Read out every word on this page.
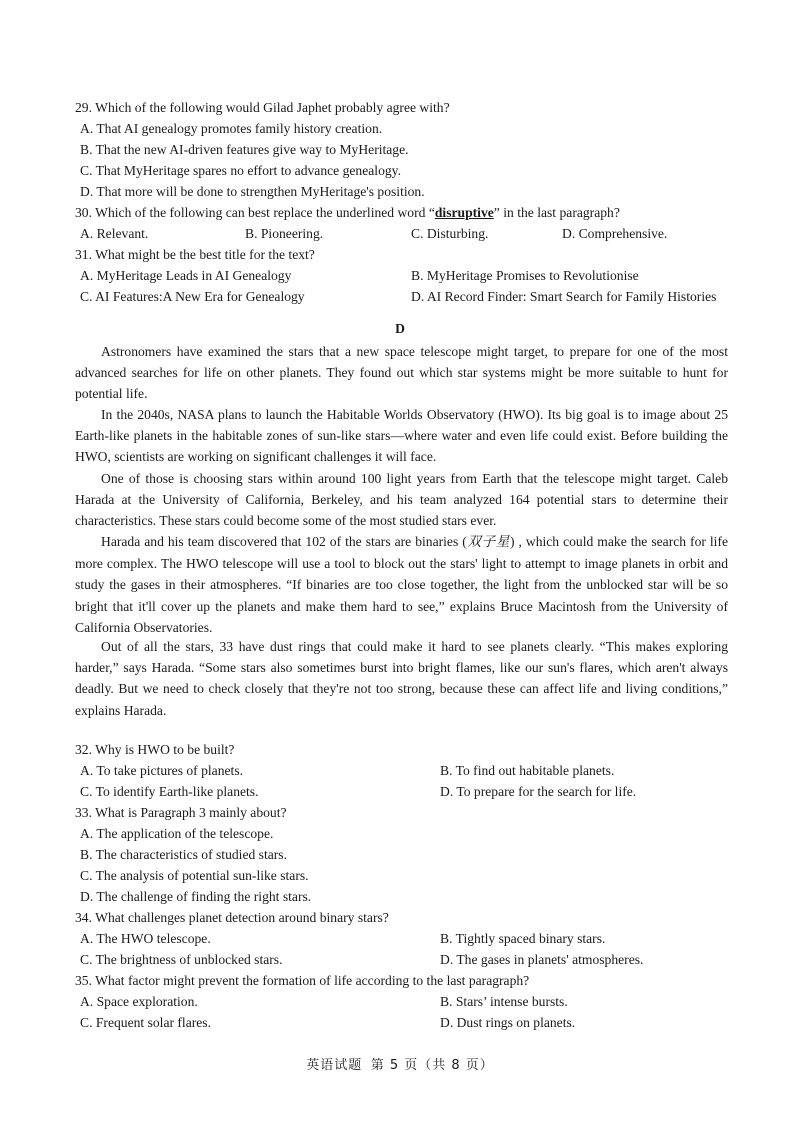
29. Which of the following would Gilad Japhet probably agree with?
A. That AI genealogy promotes family history creation.
B. That the new AI-driven features give way to MyHeritage.
C. That MyHeritage spares no effort to advance genealogy.
D. That more will be done to strengthen MyHeritage's position.
30. Which of the following can best replace the underlined word “disruptive” in the last paragraph?
A. Relevant.	B. Pioneering.	C. Disturbing.	D. Comprehensive.
31. What might be the best title for the text?
A. MyHeritage Leads in AI Genealogy	B. MyHeritage Promises to Revolutionise
C. AI Features:A New Era for Genealogy	D. AI Record Finder: Smart Search for Family Histories
D
Astronomers have examined the stars that a new space telescope might target, to prepare for one of the most advanced searches for life on other planets. They found out which star systems might be more suitable to hunt for potential life.
In the 2040s, NASA plans to launch the Habitable Worlds Observatory (HWO). Its big goal is to image about 25 Earth-like planets in the habitable zones of sun-like stars—where water and even life could exist. Before building the HWO, scientists are working on significant challenges it will face.
One of those is choosing stars within around 100 light years from Earth that the telescope might target. Caleb Harada at the University of California, Berkeley, and his team analyzed 164 potential stars to determine their characteristics. These stars could become some of the most studied stars ever.
Harada and his team discovered that 102 of the stars are binaries (双子星) , which could make the search for life more complex. The HWO telescope will use a tool to block out the stars' light to attempt to image planets in orbit and study the gases in their atmospheres. “If binaries are too close together, the light from the unblocked star will be so bright that it'll cover up the planets and make them hard to see,” explains Bruce Macintosh from the University of California Observatories.
Out of all the stars, 33 have dust rings that could make it hard to see planets clearly. “This makes exploring harder,” says Harada. “Some stars also sometimes burst into bright flames, like our sun's flares, which aren't always deadly. But we need to check closely that they're not too strong, because these can affect life and living conditions,” explains Harada.
32. Why is HWO to be built?
A. To take pictures of planets.	B. To find out habitable planets.
C. To identify Earth-like planets.	D. To prepare for the search for life.
33. What is Paragraph 3 mainly about?
A. The application of the telescope.
B. The characteristics of studied stars.
C. The analysis of potential sun-like stars.
D. The challenge of finding the right stars.
34. What challenges planet detection around binary stars?
A. The HWO telescope.	B. Tightly spaced binary stars.
C. The brightness of unblocked stars.	D. The gases in planets' atmospheres.
35. What factor might prevent the formation of life according to the last paragraph?
A. Space exploration.	B. Stars’ intense bursts.
C. Frequent solar flares.	D. Dust rings on planets.
英语试题 第 5 页（共 8 页）
